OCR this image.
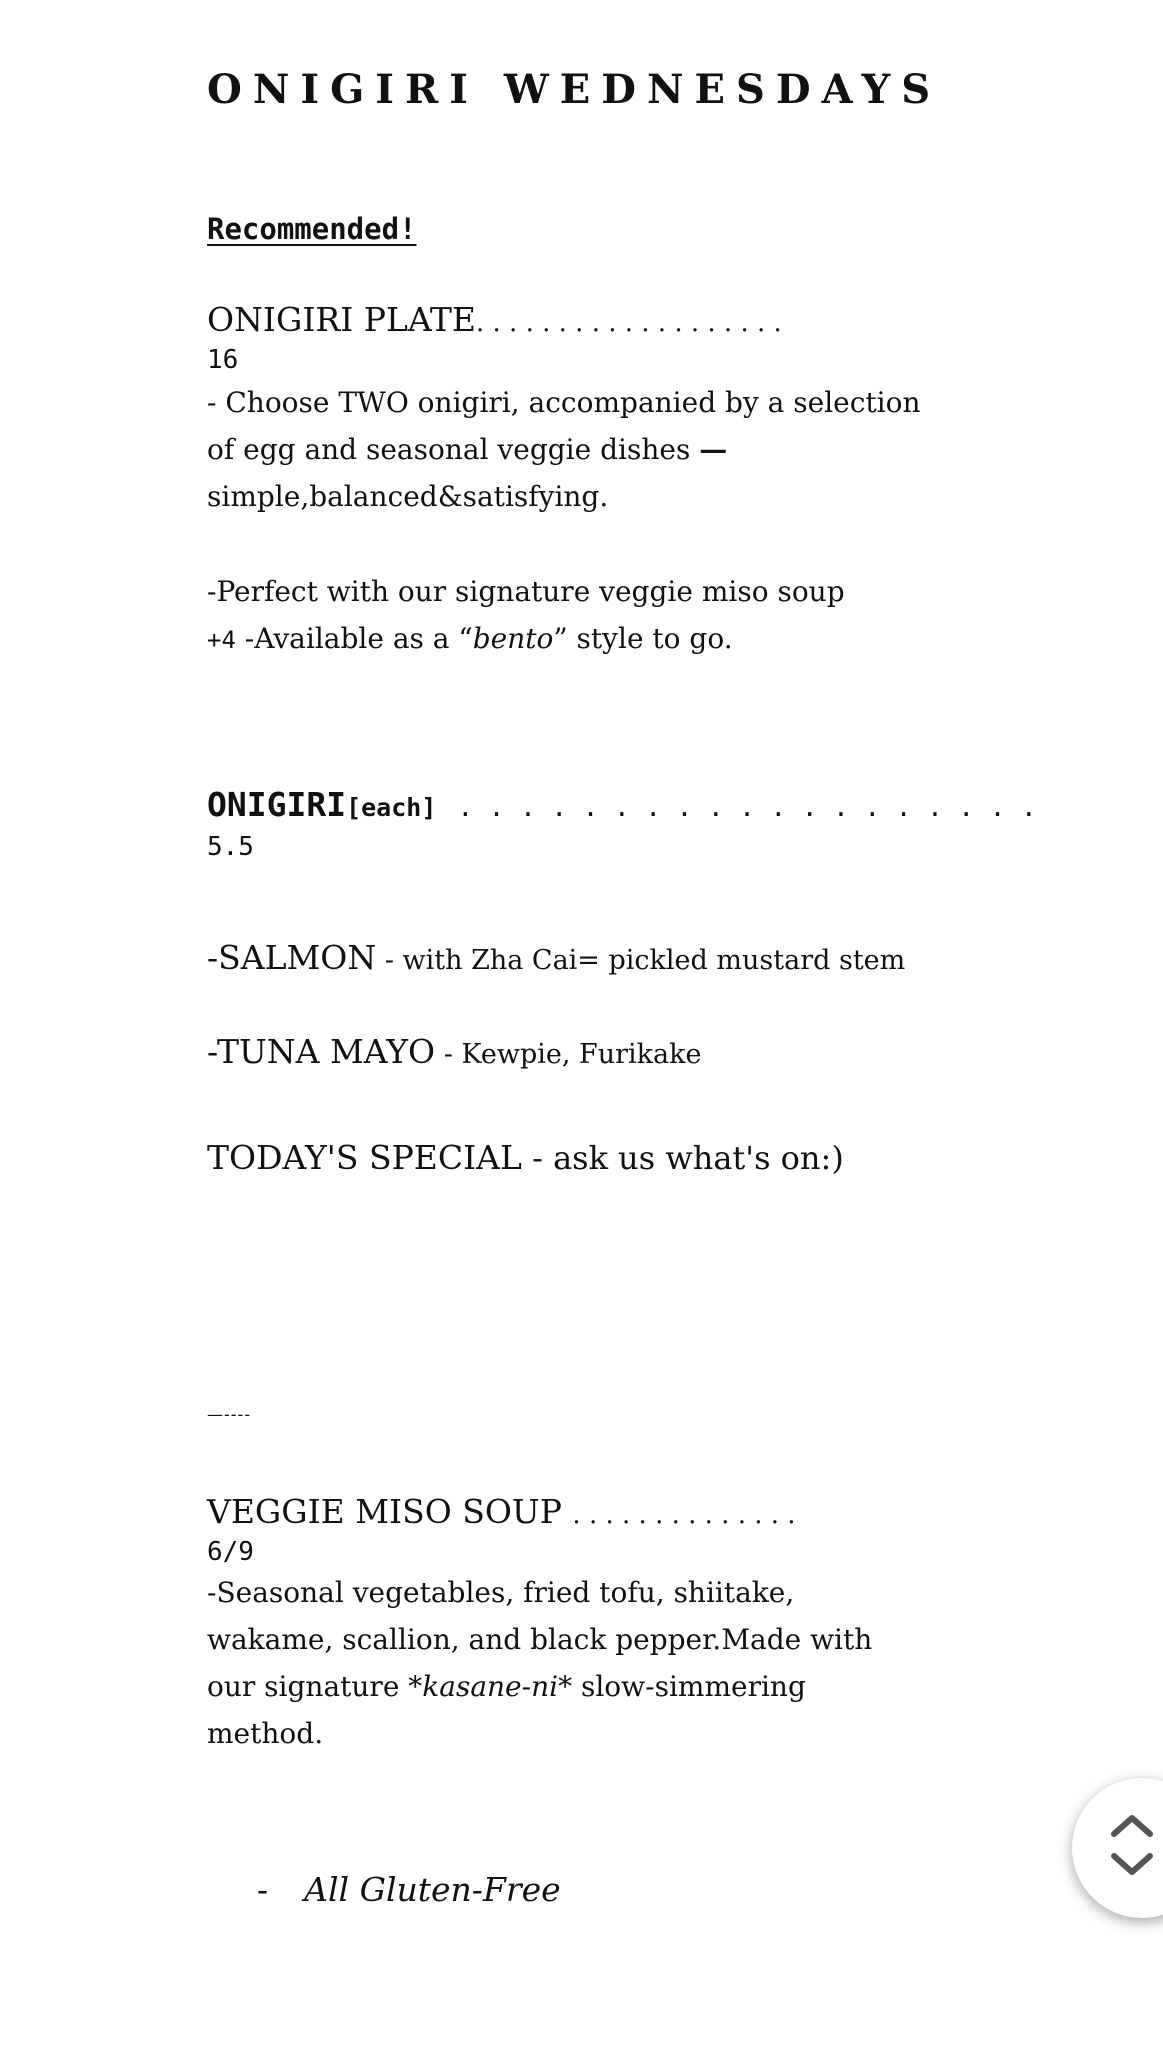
ONIGIRI WEDNESDAYS
Recommended!
ONIGIRI PLATE. . . . . . . . . . . . . . . . . . .
16
- Choose TWO onigiri, accompanied by a selection of egg and seasonal veggie dishes — simple,balanced&satisfying.
-Perfect with our signature veggie miso soup
+4 -Available as a “bento” style to go.
ONIGIRI[each] . . . . . . . . . . . . . . . . . . .
5.5
-SALMON - with Zha Cai= pickled mustard stem
-TUNA MAYO - Kewpie, Furikake
TODAY'S SPECIAL - ask us what's on:)
—----
VEGGIE MISO SOUP . . . . . . . . . . . . . .
6/9
-Seasonal vegetables, fried tofu, shiitake, wakame, scallion, and black pepper.Made with our signature *kasane-ni* slow-simmering method.
- All Gluten-Free
